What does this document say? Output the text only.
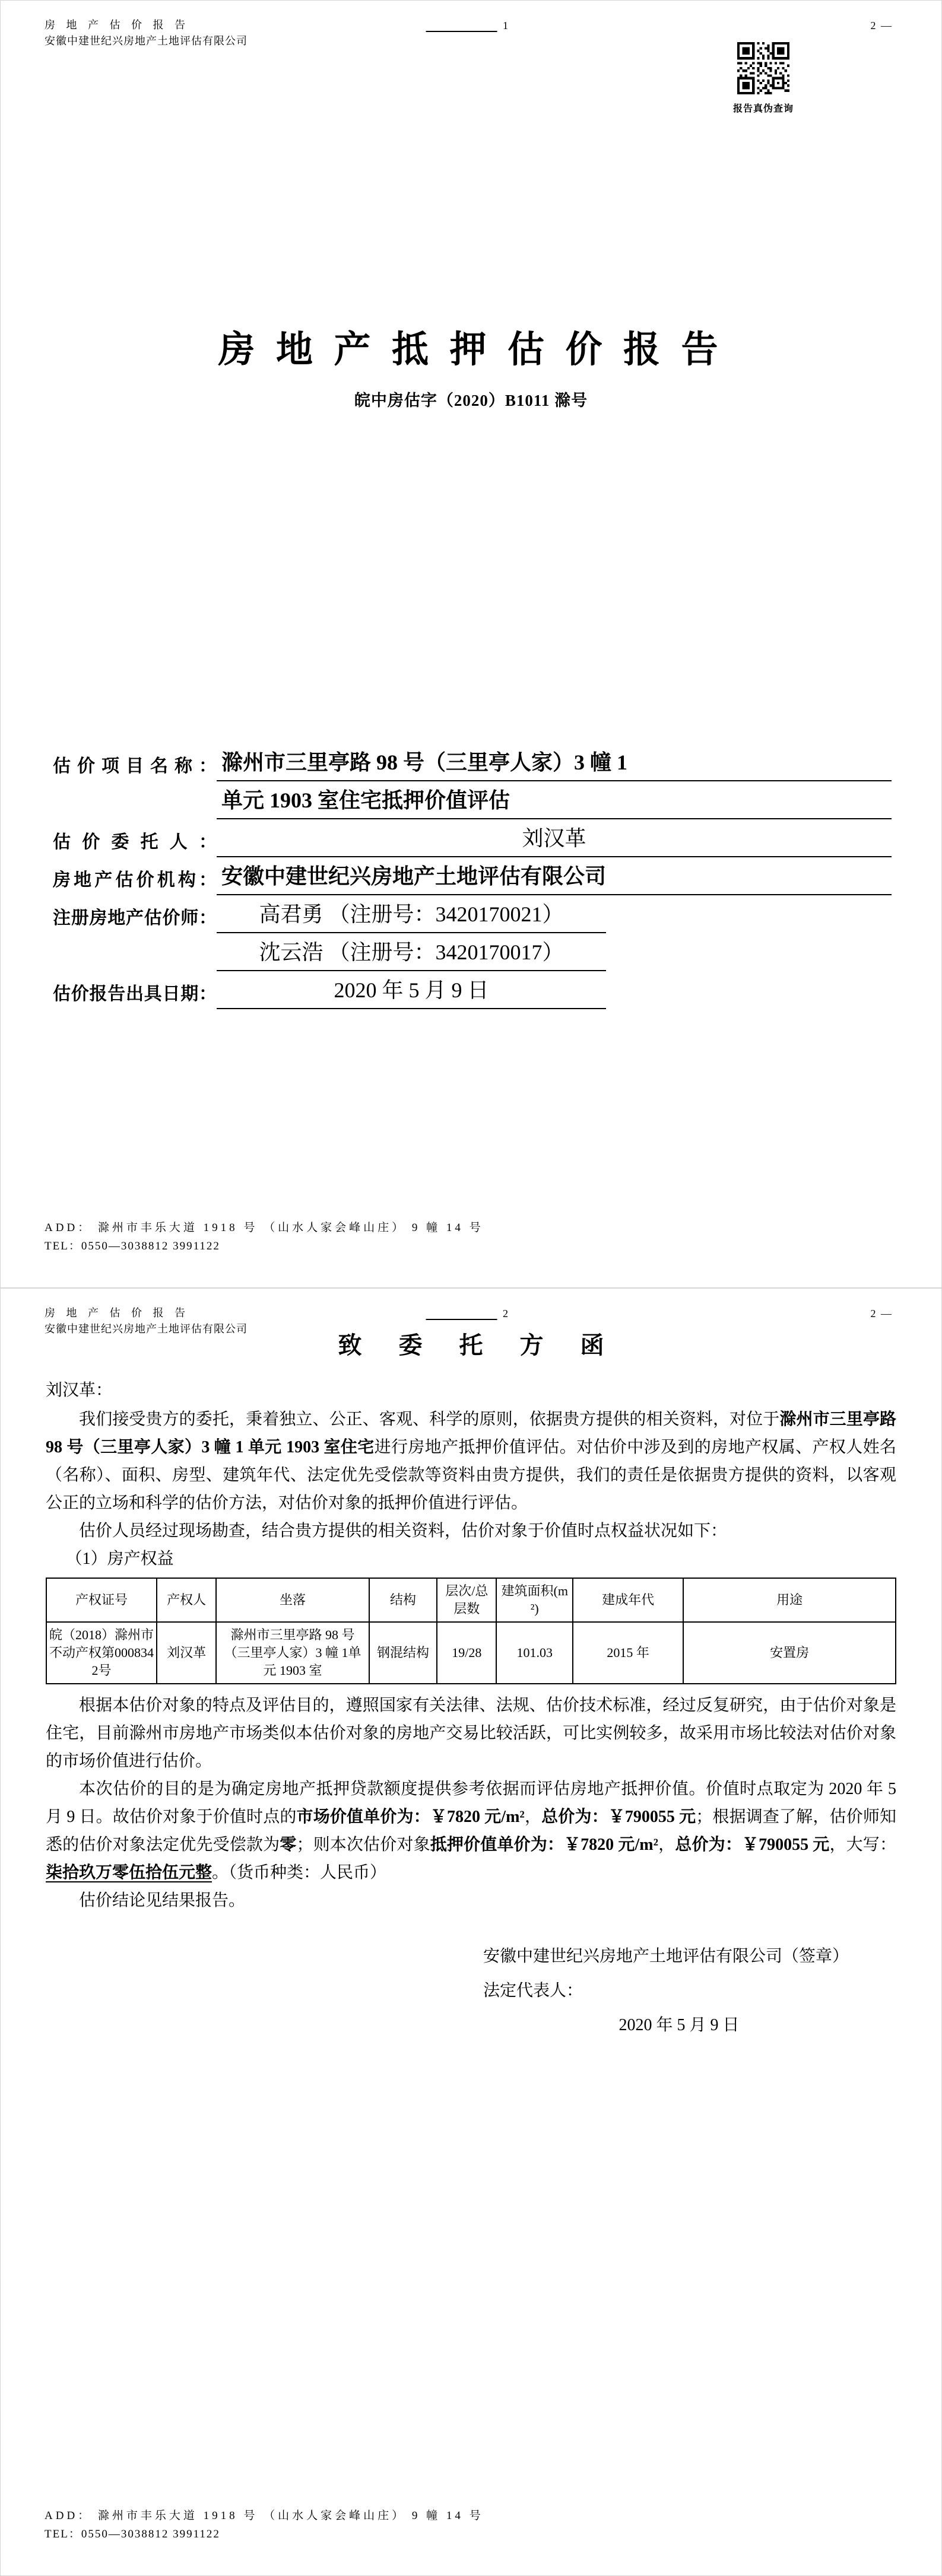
房 地 产 估 价 报 告
安徽中建世纪兴房地产土地评估有限公司
1	2 —
报告真伪查询
房 地 产 抵 押 估 价 报 告
皖中房估字（2020）B1011 滁号
估价项目名称： 滁州市三里亭路 98 号（三里亭人家）3 幢 1
单元 1903 室住宅抵押价值评估
估价委托人：	刘汉革
房地产估价机构： 安徽中建世纪兴房地产土地评估有限公司
注册房地产估价师：	高君勇 （注册号：3420170021）
沈云浩 （注册号：3420170017）
估价报告出具日期：	2020 年 5 月 9 日
ADD： 滁州市丰乐大道 1918 号 （山水人家会峰山庄） 9 幢 14 号
TEL：0550—3038812 3991122
房 地 产 估 价 报 告
安徽中建世纪兴房地产土地评估有限公司
2	2 —
致 委 托 方 函
刘汉革：

我们接受贵方的委托，秉着独立、公正、客观、科学的原则，依据贵方提供的相关资料，对位于滁州市三里亭路 98 号（三里亭人家）3 幢 1 单元 1903 室住宅进行房地产抵押价值评估。对估价中涉及到的房地产权属、产权人姓名（名称）、面积、房型、建筑年代、法定优先受偿款等资料由贵方提供，我们的责任是依据贵方提供的资料，以客观公正的立场和科学的估价方法，对估价对象的抵押价值进行评估。

估价人员经过现场勘查，结合贵方提供的相关资料，估价对象于价值时点权益状况如下：

（1）房产权益
产权证号	产权人	坐落	结构	层次/总层数	建筑面积(m²)	建成年代	用途
皖（2018）滁州市不动产权第0008342号	刘汉革	滁州市三里亭路 98 号（三里亭人家）3 幢 1单元 1903 室	钢混结构	19/28	101.03	2015 年	安置房

根据本估价对象的特点及评估目的，遵照国家有关法律、法规、估价技术标准，经过反复研究，由于估价对象是住宅，目前滁州市房地产市场类似本估价对象的房地产交易比较活跃，可比实例较多，故采用市场比较法对估价对象的市场价值进行估价。

本次估价的目的是为确定房地产抵押贷款额度提供参考依据而评估房地产抵押价值。价值时点取定为 2020 年 5 月 9 日。故估价对象于价值时点的市场价值单价为：￥7820 元/m²，总价为：￥790055 元；根据调查了解，估价师知悉的估价对象法定优先受偿款为零；则本次估价对象抵押价值单价为：￥7820 元/m²，总价为：￥790055 元，大写：柒拾玖万零伍拾伍元整。（货币种类：人民币）

估价结论见结果报告。

安徽中建世纪兴房地产土地评估有限公司（签章）
法定代表人：
2020 年 5 月 9 日
ADD： 滁州市丰乐大道 1918 号 （山水人家会峰山庄） 9 幢 14 号
TEL：0550—3038812 3991122
